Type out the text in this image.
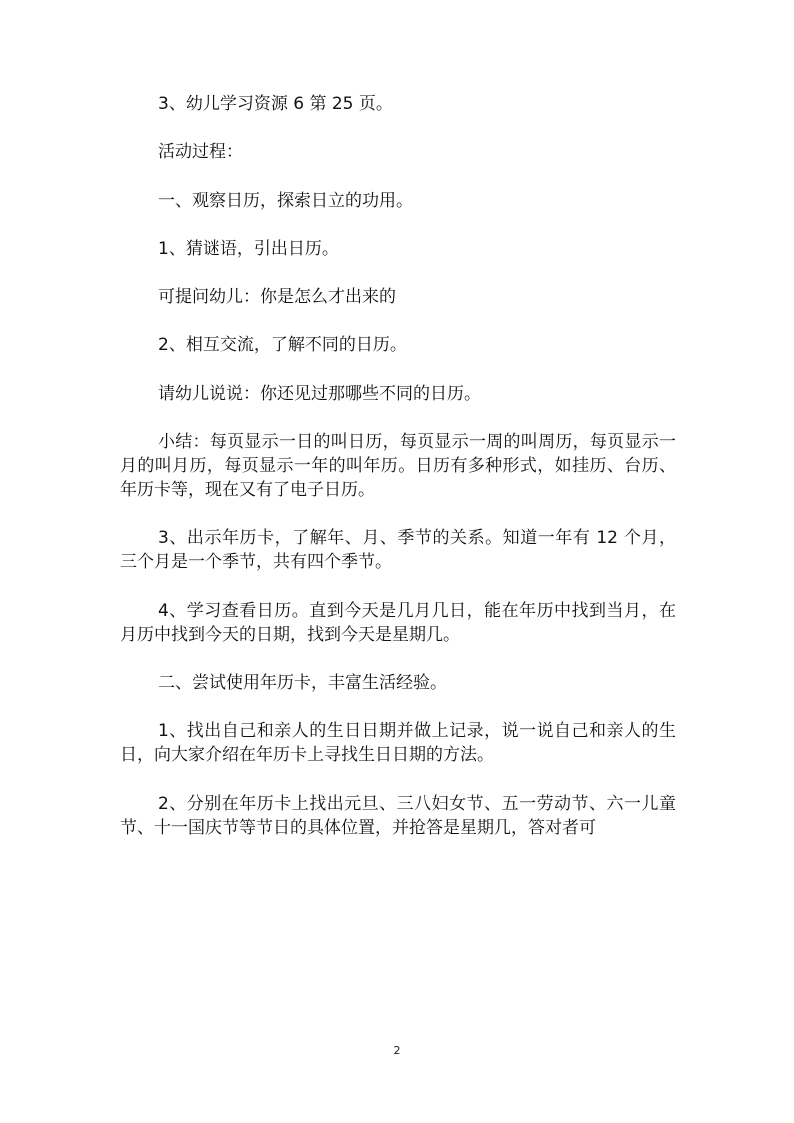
3、幼儿学习资源 6 第 25 页。

活动过程：

一、观察日历，探索日立的功用。

1、猜谜语，引出日历。

可提问幼儿：你是怎么才出来的

2、相互交流，了解不同的日历。

请幼儿说说：你还见过那哪些不同的日历。

小结：每页显示一日的叫日历，每页显示一周的叫周历，每页显示一月的叫月历，每页显示一年的叫年历。日历有多种形式，如挂历、台历、年历卡等，现在又有了电子日历。

3、出示年历卡，了解年、月、季节的关系。知道一年有 12 个月，三个月是一个季节，共有四个季节。

4、学习查看日历。直到今天是几月几日，能在年历中找到当月，在月历中找到今天的日期，找到今天是星期几。

二、尝试使用年历卡，丰富生活经验。

1、找出自己和亲人的生日日期并做上记录，说一说自己和亲人的生日，向大家介绍在年历卡上寻找生日日期的方法。

2、分别在年历卡上找出元旦、三八妇女节、五一劳动节、六一儿童节、十一国庆节等节日的具体位置，并抢答是星期几，答对者可

2
